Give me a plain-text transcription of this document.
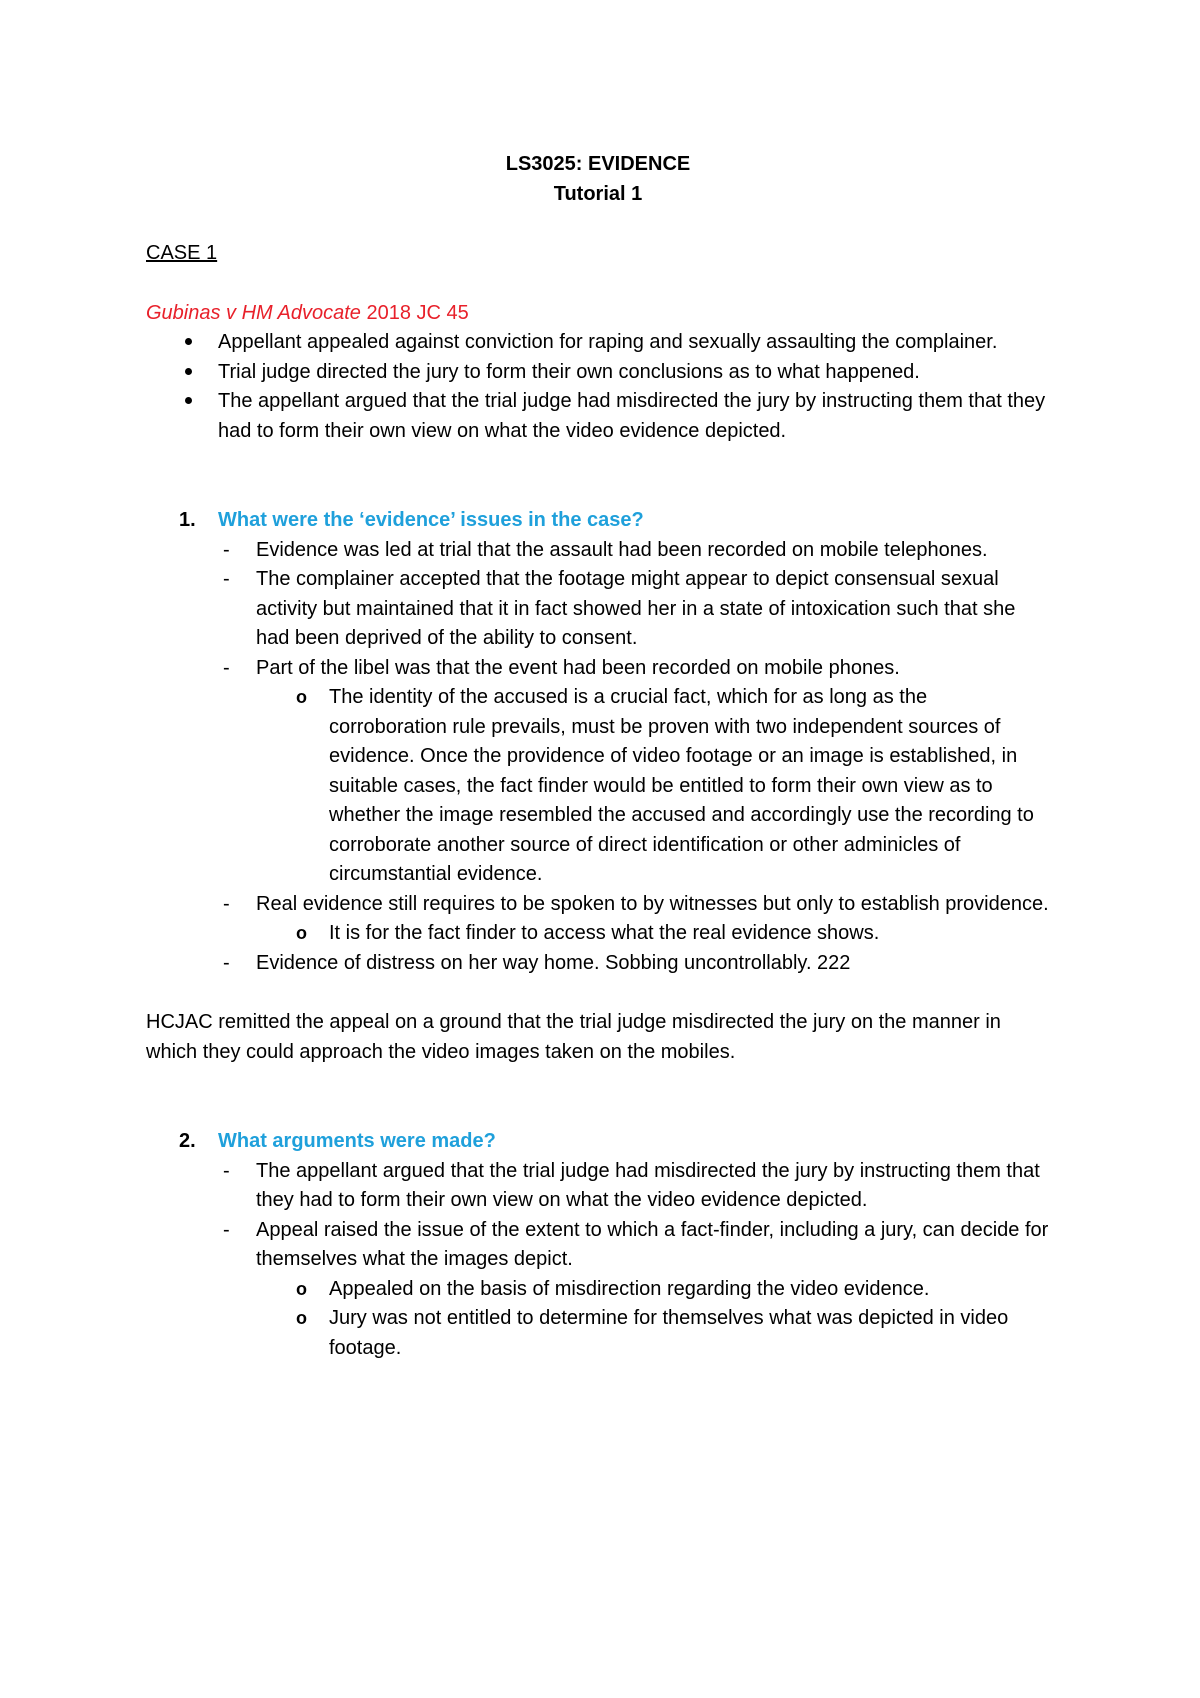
LS3025: EVIDENCE

Tutorial 1

CASE 1

Gubinas v HM Advocate 2018 JC 45

Appellant appealed against conviction for raping and sexually assaulting the complainer.
Trial judge directed the jury to form their own conclusions as to what happened.
The appellant argued that the trial judge had misdirected the jury by instructing them that they had to form their own view on what the video evidence depicted.

1. What were the ‘evidence’ issues in the case?

- Evidence was led at trial that the assault had been recorded on mobile telephones.
- The complainer accepted that the footage might appear to depict consensual sexual activity but maintained that it in fact showed her in a state of intoxication such that she had been deprived of the ability to consent.
- Part of the libel was that the event had been recorded on mobile phones.
o The identity of the accused is a crucial fact, which for as long as the corroboration rule prevails, must be proven with two independent sources of evidence. Once the providence of video footage or an image is established, in suitable cases, the fact finder would be entitled to form their own view as to whether the image resembled the accused and accordingly use the recording to corroborate another source of direct identification or other adminicles of circumstantial evidence.
- Real evidence still requires to be spoken to by witnesses but only to establish providence.
o It is for the fact finder to access what the real evidence shows.
- Evidence of distress on her way home. Sobbing uncontrollably. 222

HCJAC remitted the appeal on a ground that the trial judge misdirected the jury on the manner in which they could approach the video images taken on the mobiles.

2. What arguments were made?

- The appellant argued that the trial judge had misdirected the jury by instructing them that they had to form their own view on what the video evidence depicted.
- Appeal raised the issue of the extent to which a fact-finder, including a jury, can decide for themselves what the images depict.
o Appealed on the basis of misdirection regarding the video evidence.
o Jury was not entitled to determine for themselves what was depicted in video footage.
